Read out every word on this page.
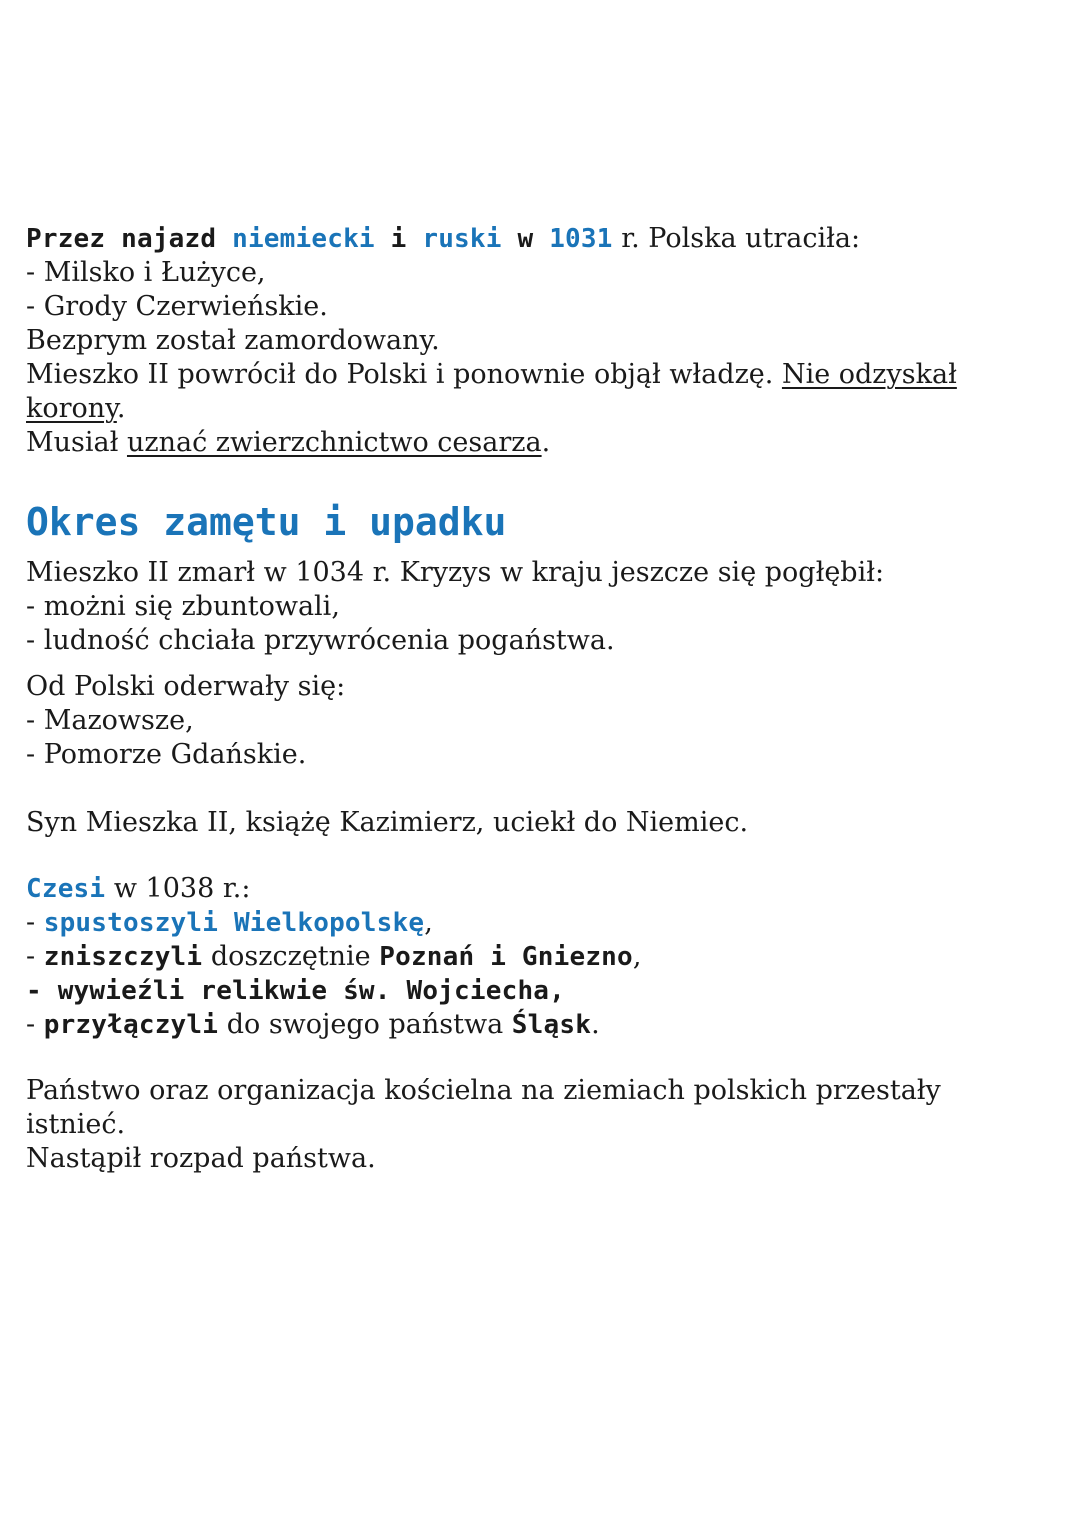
Przez najazd niemiecki i ruski w 1031 r. Polska utraciła:
- Milsko i Łużyce,
- Grody Czerwieńskie.
Bezprym został zamordowany.
Mieszko II powrócił do Polski i ponownie objął władzę. Nie odzyskał
korony.
Musiał uznać zwierzchnictwo cesarza.
Okres zamętu i upadku
Mieszko II zmarł w 1034 r. Kryzys w kraju jeszcze się pogłębił:
- możni się zbuntowali,
- ludność chciała przywrócenia pogaństwa.
Od Polski oderwały się:
- Mazowsze,
- Pomorze Gdańskie.
Syn Mieszka II, książę Kazimierz, uciekł do Niemiec.
Czesi w 1038 r.:
- spustoszyli Wielkopolskę,
- zniszczyli doszczętnie Poznań i Gniezno,
- wywieźli relikwie św. Wojciecha,
- przyłączyli do swojego państwa Śląsk.
Państwo oraz organizacja kościelna na ziemiach polskich przestały
istnieć.
Nastąpił rozpad państwa.
